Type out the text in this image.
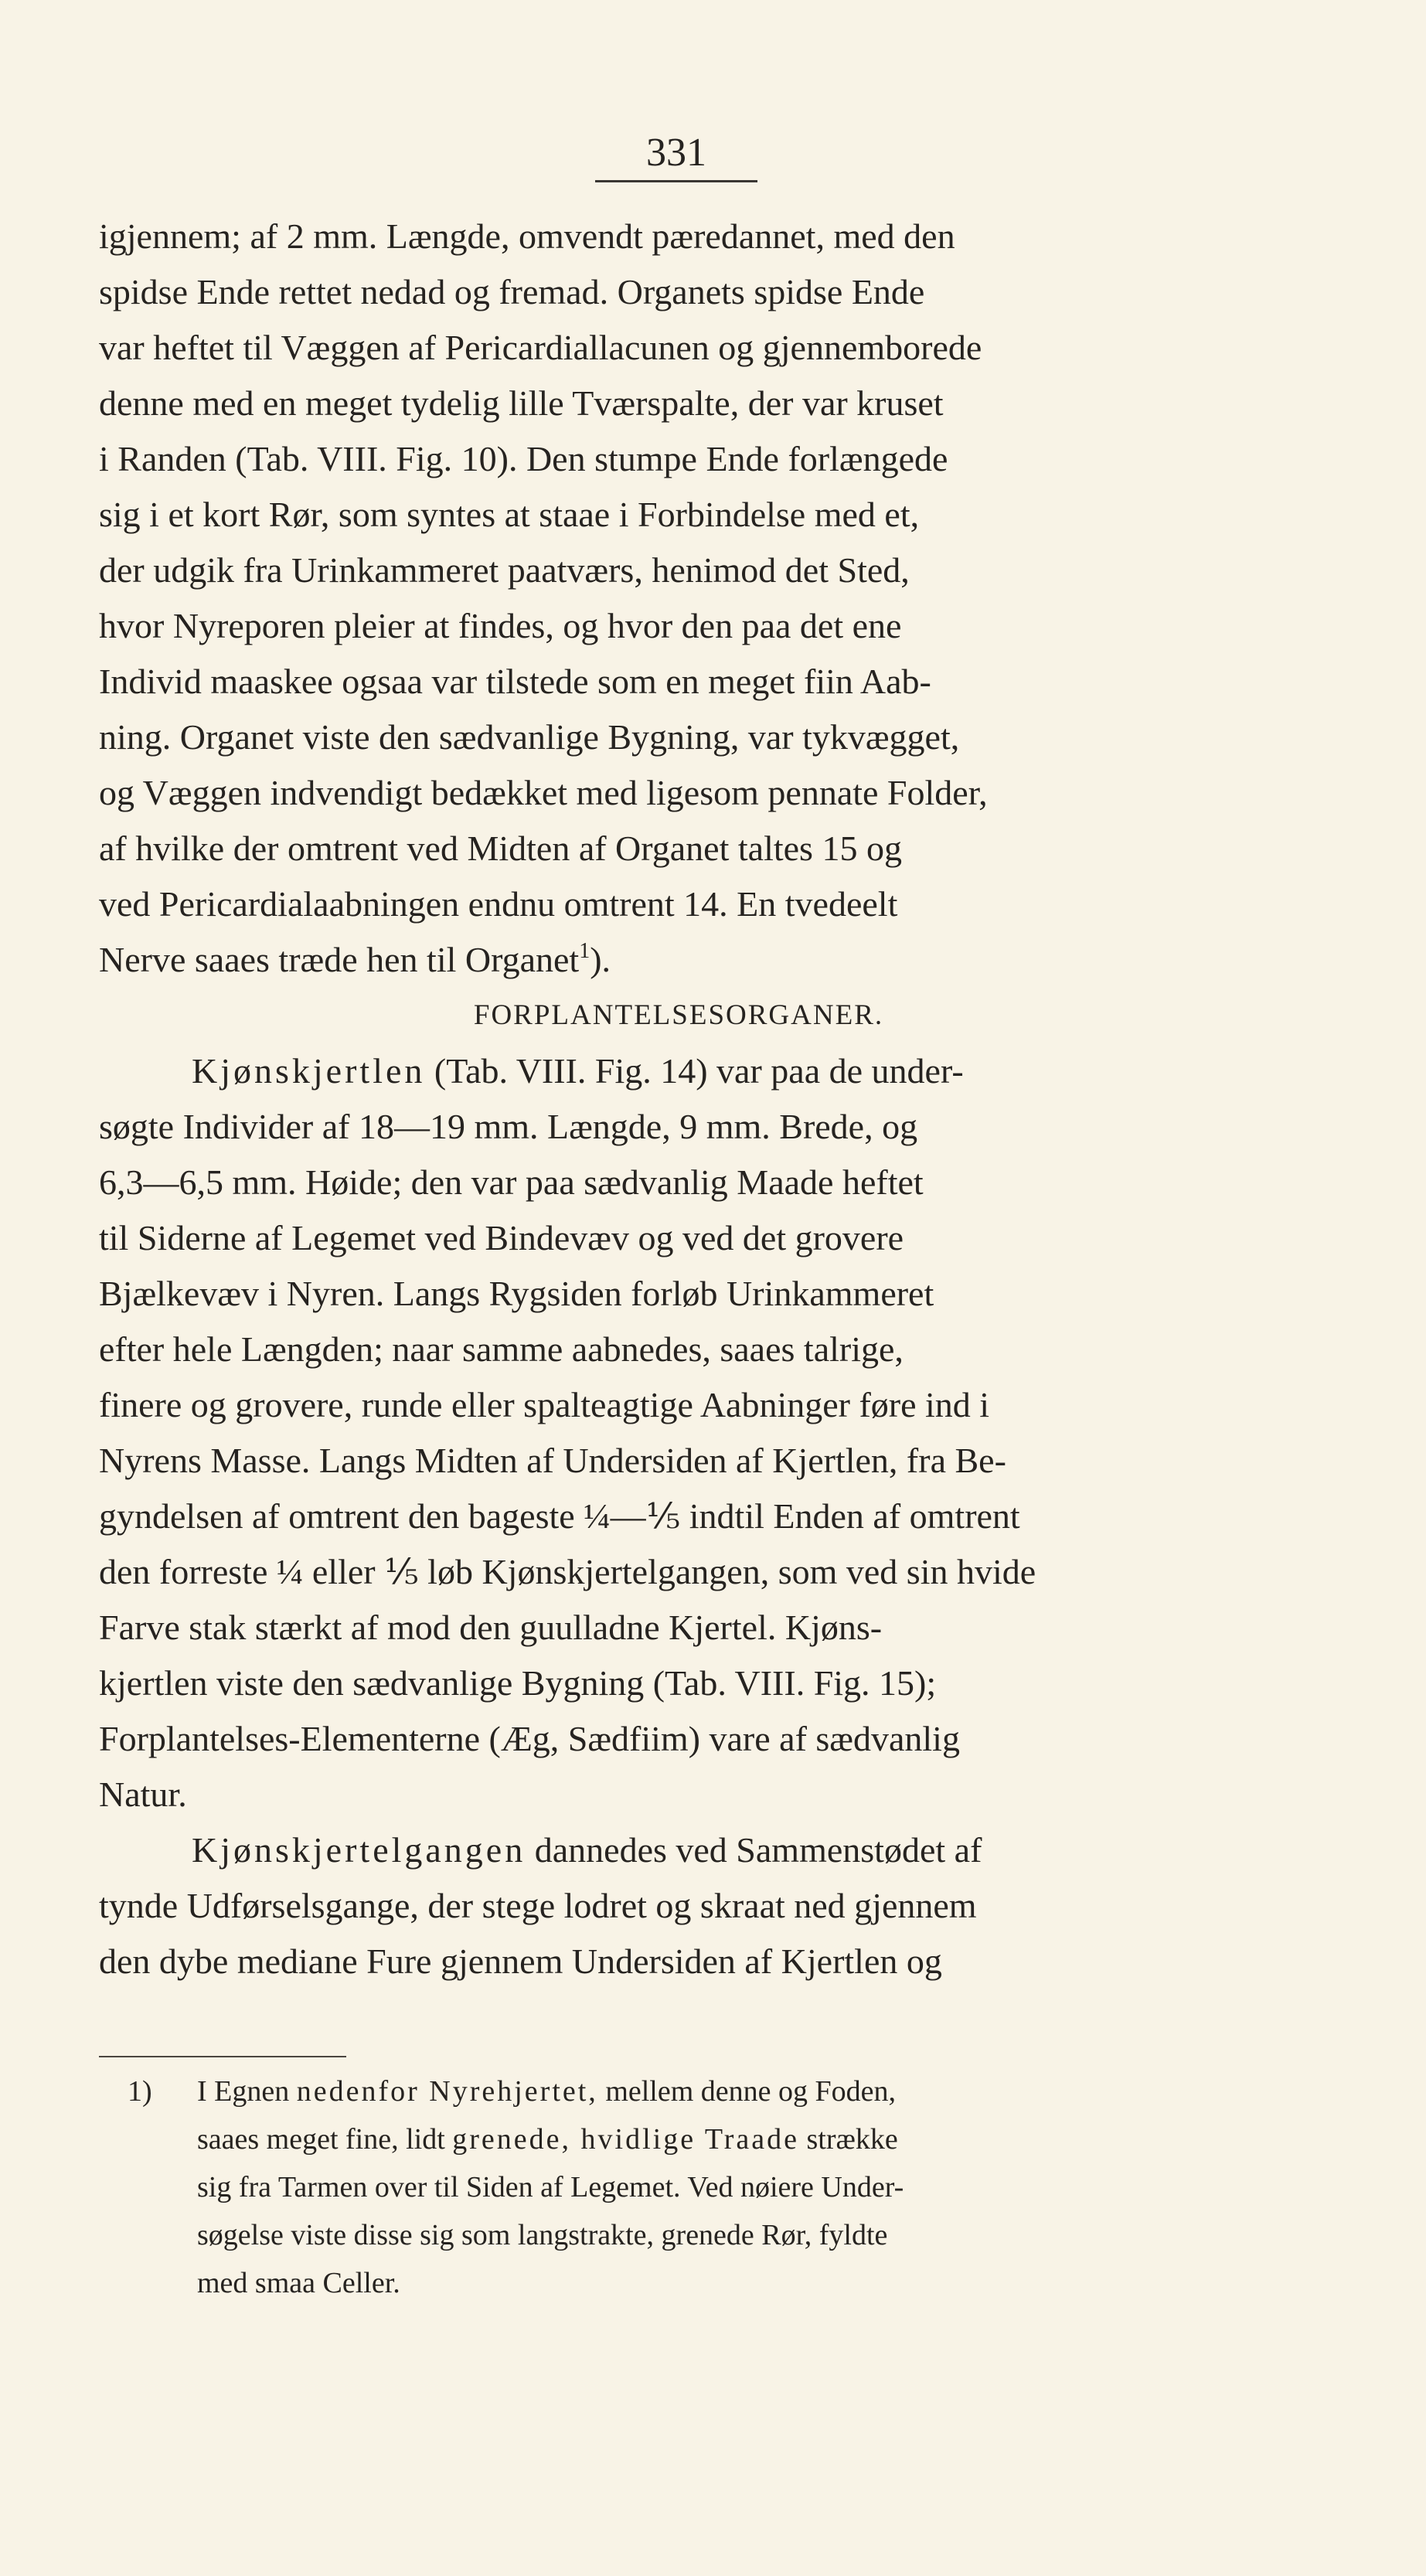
331
igjennem; af 2 mm. Længde, omvendt pæredannet, med den
spidse Ende rettet nedad og fremad. Organets spidse Ende
var heftet til Væggen af Pericardiallacunen og gjennemborede
denne med en meget tydelig lille Tværspalte, der var kruset
i Randen (Tab. VIII. Fig. 10). Den stumpe Ende forlængede
sig i et kort Rør, som syntes at staae i Forbindelse med et,
der udgik fra Urinkammeret paatværs, henimod det Sted,
hvor Nyreporen pleier at findes, og hvor den paa det ene
Individ maaskee ogsaa var tilstede som en meget fiin Aab-
ning. Organet viste den sædvanlige Bygning, var tykvægget,
og Væggen indvendigt bedækket med ligesom pennate Folder,
af hvilke der omtrent ved Midten af Organet taltes 15 og
ved Pericardialaabningen endnu omtrent 14. En tvedeelt
Nerve saaes træde hen til Organet$^1$).
FORPLANTELSESORGANER.
Kjønskjertlen (Tab. VIII. Fig. 14) var paa de under-
søgte Individer af 18—19 mm. Længde, 9 mm. Brede, og
6,3—6,5 mm. Høide; den var paa sædvanlig Maade heftet
til Siderne af Legemet ved Bindevæv og ved det grovere
Bjælkevæv i Nyren. Langs Rygsiden forløb Urinkammeret
efter hele Længden; naar samme aabnedes, saaes talrige,
finere og grovere, runde eller spalteagtige Aabninger føre ind i
Nyrens Masse. Langs Midten af Undersiden af Kjertlen, fra Be-
gyndelsen af omtrent den bageste ¼—⅕ indtil Enden af omtrent
den forreste ¼ eller ⅕ løb Kjønskjertelgangen, som ved sin hvide
Farve stak stærkt af mod den guulladne Kjertel. Kjøns-
kjertlen viste den sædvanlige Bygning (Tab. VIII. Fig. 15);
Forplantelses-Elementerne (Æg, Sædfiim) vare af sædvanlig
Natur.
Kjønskjertelgangen dannedes ved Sammenstødet af
tynde Udførselsgange, der stege lodret og skraat ned gjennem
den dybe mediane Fure gjennem Undersiden af Kjertlen og
1) I Egnen nedenfor Nyrehjertet, mellem denne og Foden,
saaes meget fine, lidt grenede, hvidlige Traade strække
sig fra Tarmen over til Siden af Legemet. Ved nøiere Under-
søgelse viste disse sig som langstrakte, grenede Rør, fyldte
med smaa Celler.
